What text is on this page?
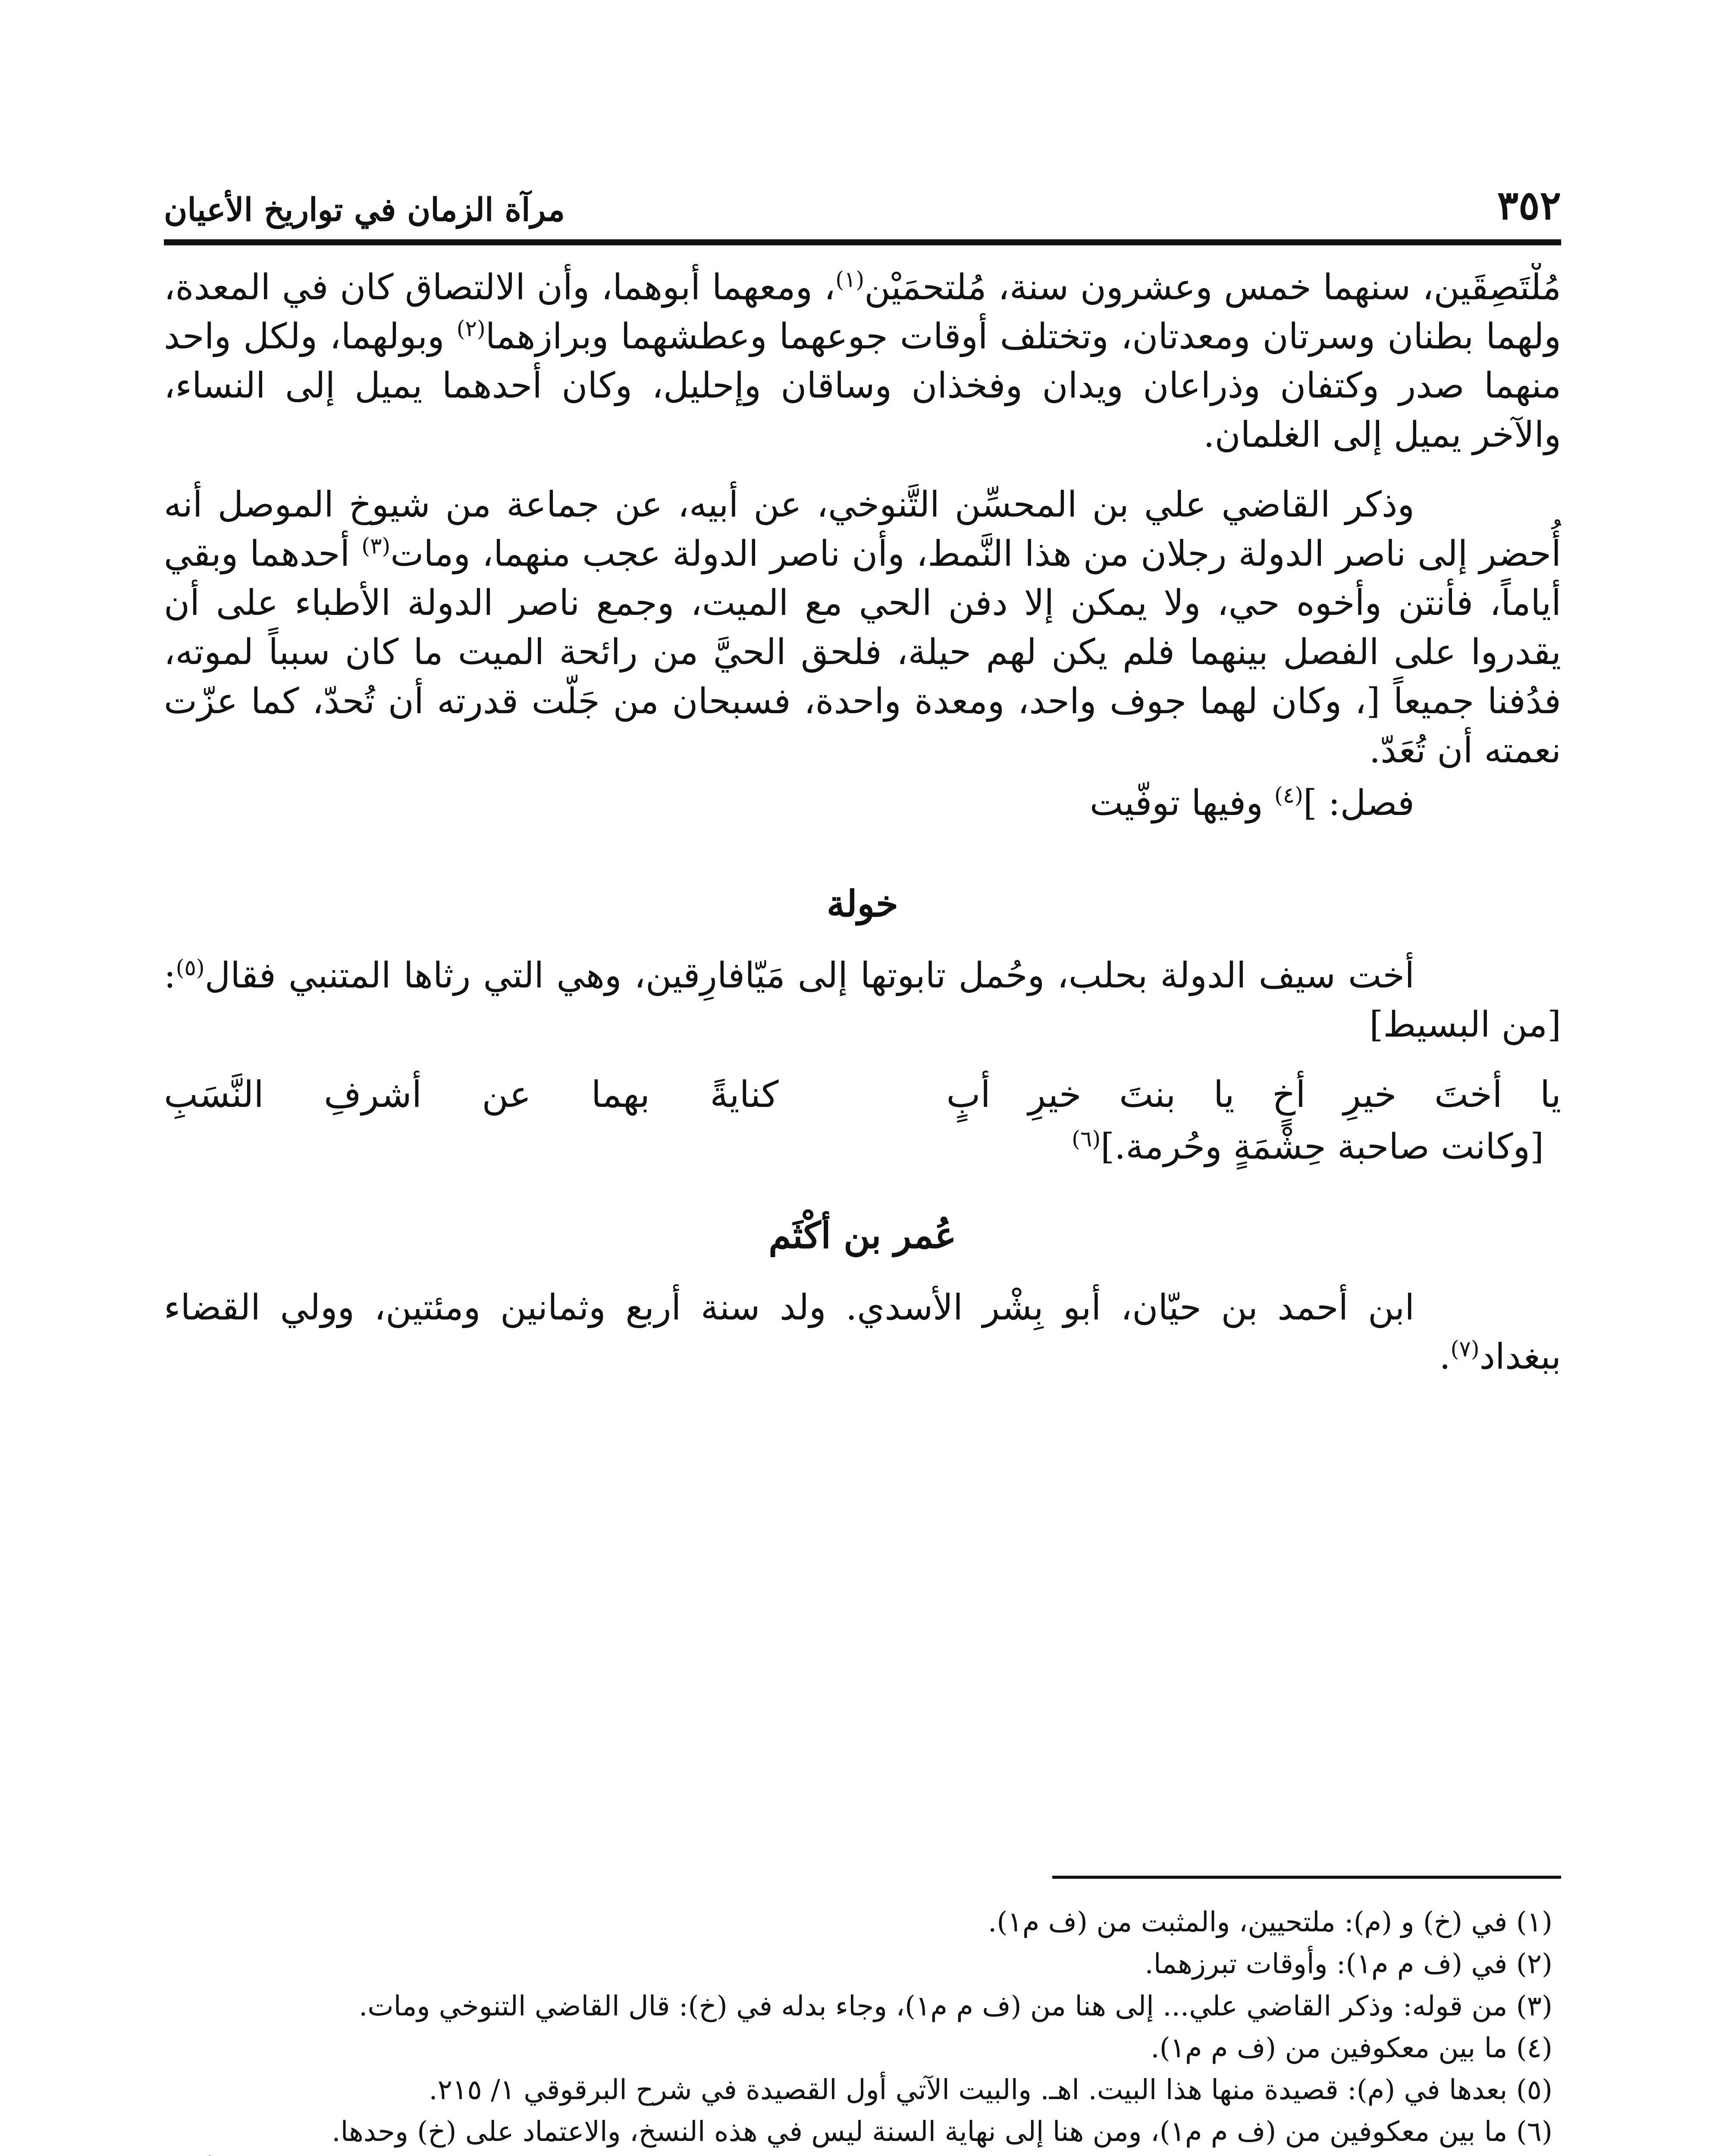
٣٥٢
مرآة الزمان في تواريخ الأعيان

مُلْتَصِقَين، سنهما خمس وعشرون سنة، مُلتحمَيْن$^{(١)}$، ومعهما أبوهما، وأن الالتصاق كان في المعدة، ولهما بطنان وسرتان ومعدتان، وتختلف أوقات جوعهما وعطشهما وبرازهما$^{(٢)}$ وبولهما، ولكل واحد منهما صدر وكتفان وذراعان ويدان وفخذان وساقان وإحليل، وكان أحدهما يميل إلى النساء، والآخر يميل إلى الغلمان.

وذكر القاضي علي بن المحسِّن التَّنوخي، عن أبيه، عن جماعة من شيوخ الموصل أنه أُحضر إلى ناصر الدولة رجلان من هذا النَّمط، وأن ناصر الدولة عجب منهما، ومات$^{(٣)}$ أحدهما وبقي أياماً، فأنتن وأخوه حي، ولا يمكن إلا دفن الحي مع الميت، وجمع ناصر الدولة الأطباء على أن يقدروا على الفصل بينهما فلم يكن لهم حيلة، فلحق الحيَّ من رائحة الميت ما كان سبباً لموته، فدُفنا جميعاً [، وكان لهما جوف واحد، ومعدة واحدة، فسبحان من جَلّت قدرته أن تُحدّ، كما عزّت نعمته أن تُعَدّ.

فصل: ]$^{(٤)}$ وفيها توفّيت

خولة

أخت سيف الدولة بحلب، وحُمل تابوتها إلى مَيّافارِقين، وهي التي رثاها المتنبي فقال$^{(٥)}$: [من البسيط]

يا أختَ خيرِ أخٍ يا بنتَ خيرِ أبٍ
كنايةً بهما عن أشرفِ النَّسَبِ

[وكانت صاحبة حِشْمَةٍ وحُرمة.]$^{(٦)}$

عُمر بن أكْثَم

ابن أحمد بن حيّان، أبو بِشْر الأسدي. ولد سنة أربع وثمانين ومئتين، وولي القضاء ببغداد$^{(٧)}$.

(١) في (خ) و (م): ملتحيين، والمثبت من (ف م١).

(٢) في (ف م م١): وأوقات تبرزهما.

(٣) من قوله: وذكر القاضي علي... إلى هنا من (ف م م١)، وجاء بدله في (خ): قال القاضي التنوخي ومات.

(٤) ما بين معكوفين من (ف م م١).

(٥) بعدها في (م): قصيدة منها هذا البيت. اهـ. والبيت الآتي أول القصيدة في شرح البرقوقي ١/ ٢١٥.

(٦) ما بين معكوفين من (ف م م١)، ومن هنا إلى نهاية السنة ليس في هذه النسخ، والاعتماد على (خ) وحدها.
